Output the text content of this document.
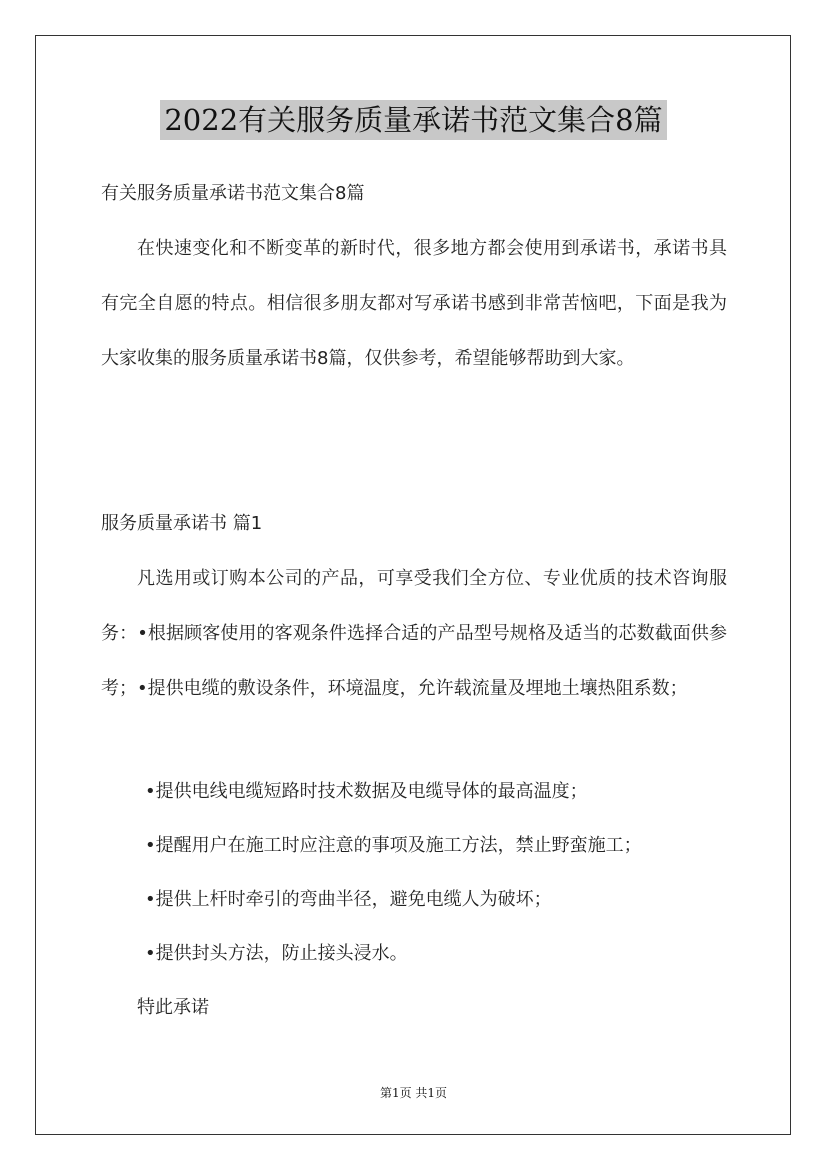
2022有关服务质量承诺书范文集合8篇
有关服务质量承诺书范文集合8篇
在快速变化和不断变革的新时代，很多地方都会使用到承诺书，承诺书具有完全自愿的特点。相信很多朋友都对写承诺书感到非常苦恼吧，下面是我为大家收集的服务质量承诺书8篇，仅供参考，希望能够帮助到大家。
服务质量承诺书 篇1
凡选用或订购本公司的产品，可享受我们全方位、专业优质的技术咨询服务：•根据顾客使用的客观条件选择合适的产品型号规格及适当的芯数截面供参考；•提供电缆的敷设条件，环境温度，允许载流量及埋地土壤热阻系数；
•提供电线电缆短路时技术数据及电缆导体的最高温度；
•提醒用户在施工时应注意的事项及施工方法，禁止野蛮施工；
•提供上杆时牵引的弯曲半径，避免电缆人为破坏；
•提供封头方法，防止接头浸水。
特此承诺
第1页 共1页
